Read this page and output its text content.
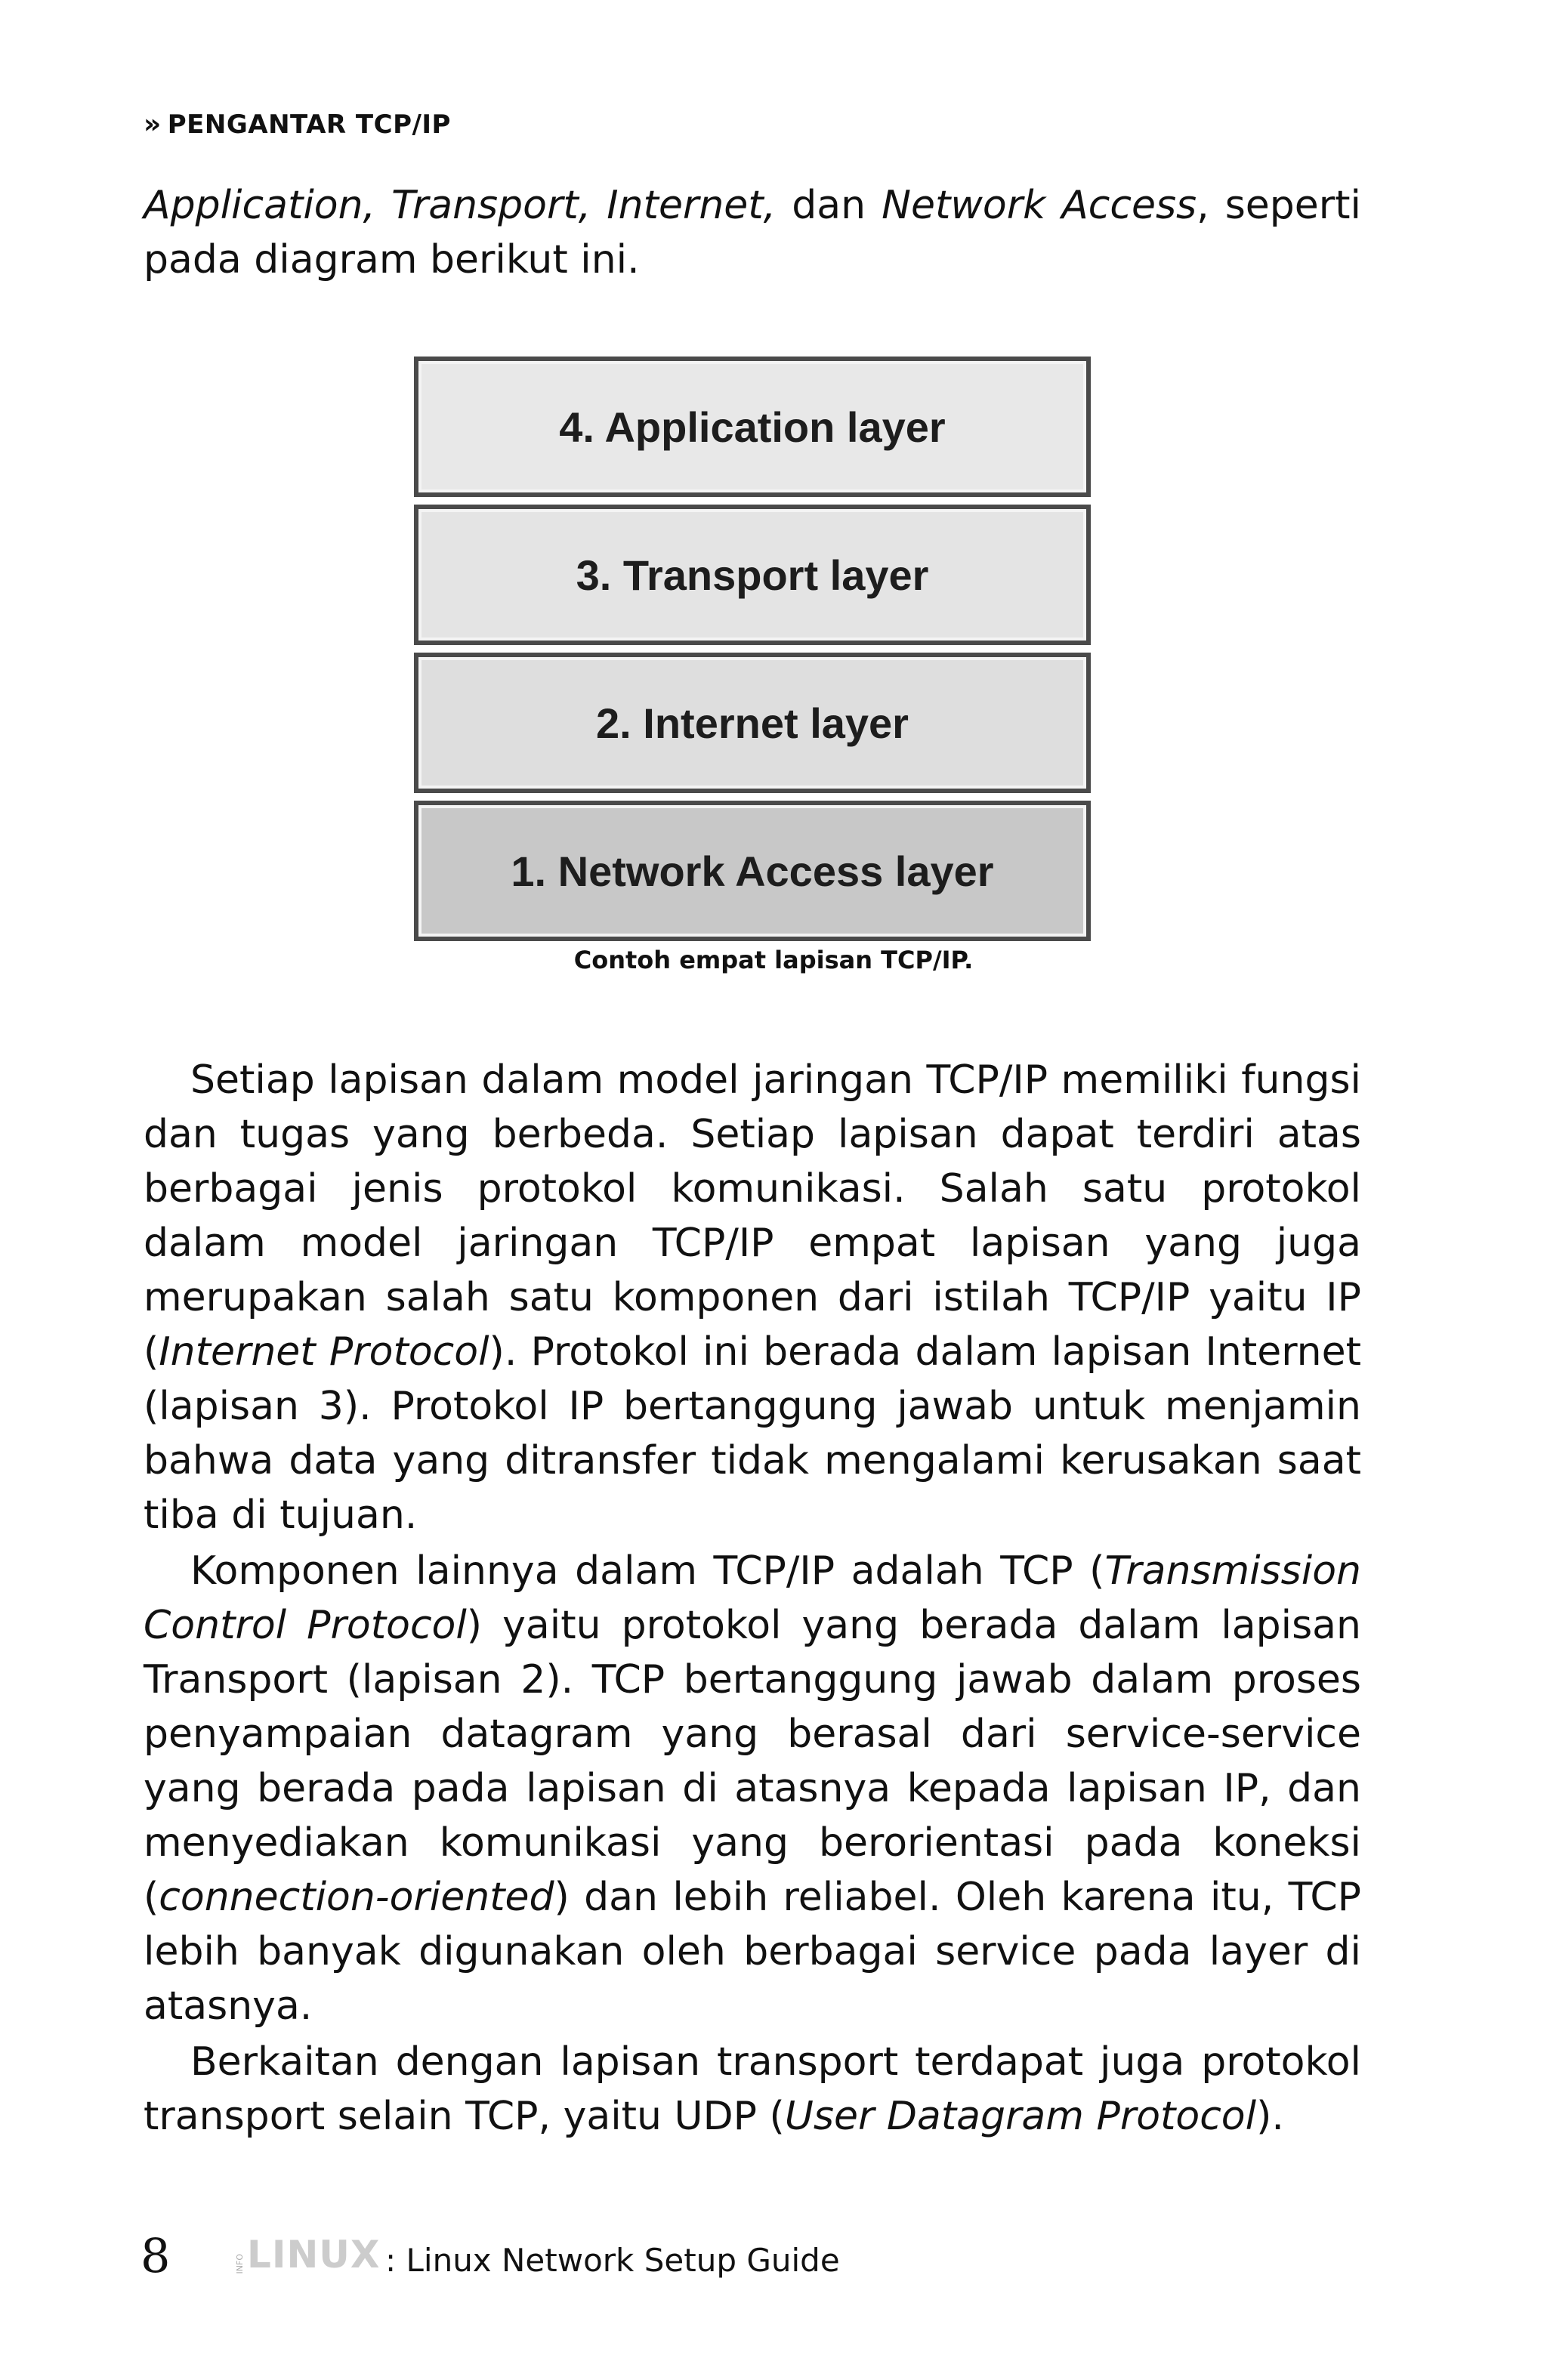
» PENGANTAR TCP/IP
Application, Transport, Internet, dan Network Access, seperti pada diagram berikut ini.
4. Application layer
3. Transport layer
2. Internet layer
1. Network Access layer
Contoh empat lapisan TCP/IP.
Setiap lapisan dalam model jaringan TCP/IP memiliki fungsi dan tugas yang berbeda. Setiap lapisan dapat terdiri atas berbagai jenis protokol komunikasi. Salah satu protokol dalam model jaringan TCP/IP empat lapisan yang juga merupakan salah satu komponen dari istilah TCP/IP yaitu IP (Internet Protocol). Protokol ini berada dalam lapisan Internet (lapisan 3). Protokol IP bertanggung jawab untuk menjamin bahwa data yang ditransfer tidak mengalami kerusakan saat tiba di tujuan.
Komponen lainnya dalam TCP/IP adalah TCP (Transmission Control Protocol) yaitu protokol yang berada dalam lapisan Transport (lapisan 2). TCP bertanggung jawab dalam proses penyampaian datagram yang berasal dari service-service yang berada pada lapisan di atasnya kepada lapisan IP, dan menyediakan komunikasi yang berorientasi pada koneksi (connection-oriented) dan lebih reliabel. Oleh karena itu, TCP lebih banyak digunakan oleh berbagai service pada layer di atasnya.
Berkaitan dengan lapisan transport terdapat juga protokol transport selain TCP, yaitu UDP (User Datagram Protocol).
8	INFO LINUX : Linux Network Setup Guide
